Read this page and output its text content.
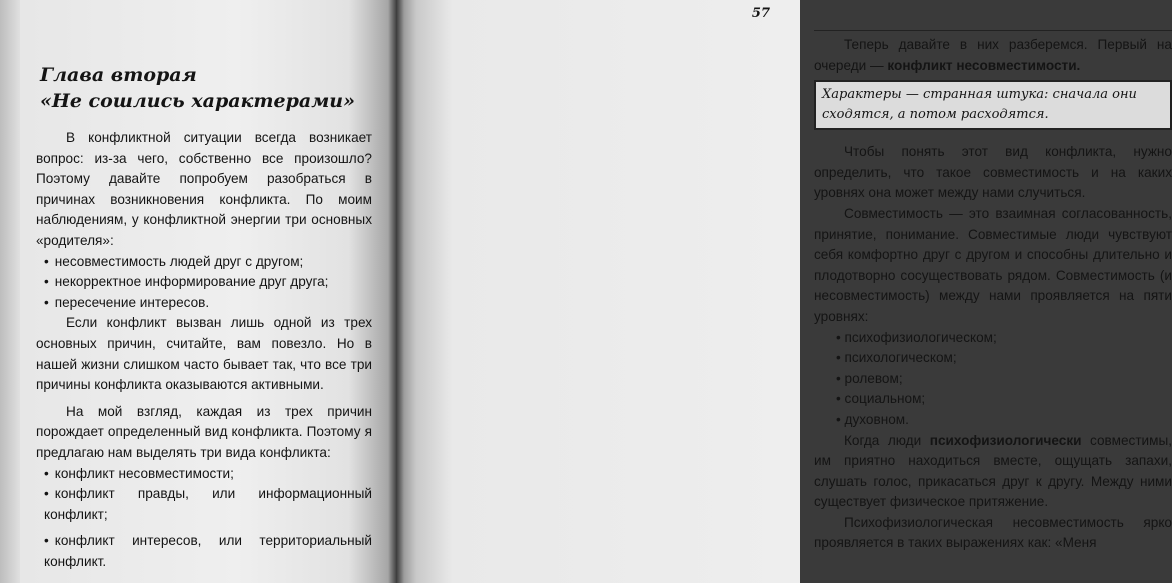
Глава вторая
«Не сошлись характерами»

В конфликтной ситуации всегда возникает вопрос: из-за чего, собственно все произошло? Поэтому давайте попробуем разобраться в причинах возникновения конфликта. По моим наблюдениям, у конфликтной энергии три основных «родителя»:

• несовместимость людей друг с другом;
• некорректное информирование друг друга;
• пересечение интересов.

Если конфликт вызван лишь одной из трех основных причин, считайте, вам повезло. Но в нашей жизни слишком часто бывает так, что все три причины конфликта оказываются активными.

На мой взгляд, каждая из трех причин порождает определенный вид конфликта. Поэтому я предлагаю нам выделять три вида конфликта:

• конфликт несовместимости;
• конфликт правды, или информационный конфликт;
• конфликт интересов, или территориальный конфликт.
57

Теперь давайте в них разберемся. Первый на очереди — конфликт несовместимости.

Характеры — странная штука: сначала они сходятся, а потом расходятся.

Чтобы понять этот вид конфликта, нужно определить, что такое совместимость и на каких уровнях она может между нами случиться.

Совместимость — это взаимная согласованность, принятие, понимание. Совместимые люди чувствуют себя комфортно друг с другом и способны длительно и плодотворно сосуществовать рядом. Совместимость (и несовместимость) между нами проявляется на пяти уровнях:

• психофизиологическом;
• психологическом;
• ролевом;
• социальном;
• духовном.

Когда люди психофизиологически совместимы, им приятно находиться вместе, ощущать запахи, слушать голос, прикасаться друг к другу. Между ними существует физическое притяжение.

Психофизиологическая несовместимость ярко проявляется в таких выражениях как: «Меня
